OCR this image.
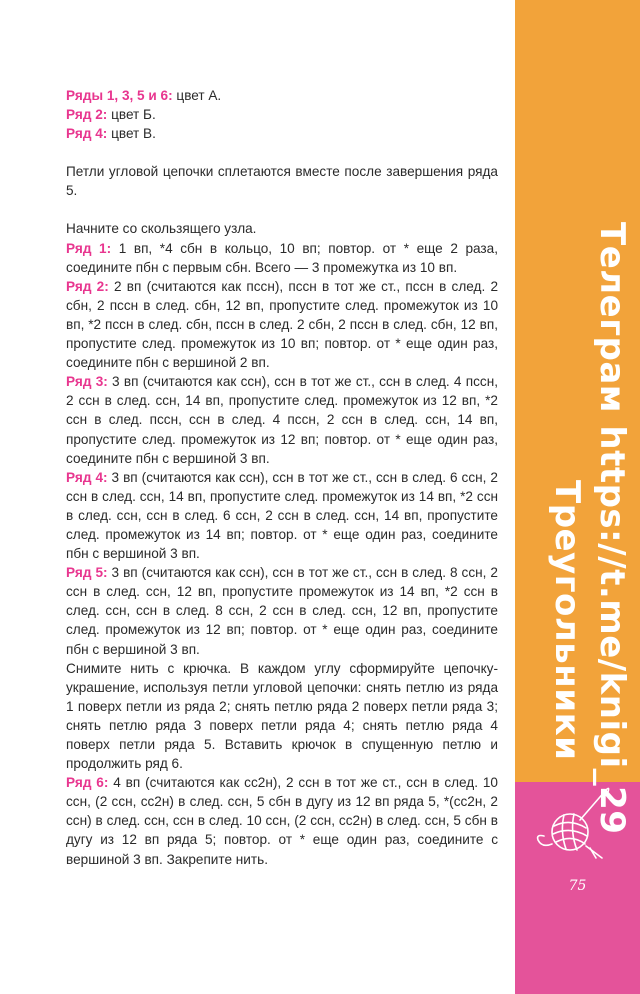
Ряды 1, 3, 5 и 6: цвет А.

Ряд 2: цвет Б.

Ряд 4: цвет В.

Петли угловой цепочки сплетаются вместе после завершения ряда 5.

Начните со скользящего узла.

Ряд 1: 1 вп, *4 сбн в кольцо, 10 вп; повтор. от * еще 2 раза, соедините пбн с первым сбн. Всего — 3 промежутка из 10 вп.

Ряд 2: 2 вп (считаются как пссн), пссн в тот же ст., пссн в след. 2 сбн, 2 пссн в след. сбн, 12 вп, пропустите след. промежуток из 10 вп, *2 пссн в след. сбн, пссн в след. 2 сбн, 2 пссн в след. сбн, 12 вп, пропустите след. промежуток из 10 вп; повтор. от * еще один раз, соедините пбн с вершиной 2 вп.

Ряд 3: 3 вп (считаются как ссн), ссн в тот же ст., ссн в след. 4 пссн, 2 ссн в след. ссн, 14 вп, пропустите след. промежуток из 12 вп, *2 ссн в след. пссн, ссн в след. 4 пссн, 2 ссн в след. ссн, 14 вп, пропустите след. промежуток из 12 вп; повтор. от * еще один раз, соедините пбн с вершиной 3 вп.

Ряд 4: 3 вп (считаются как ссн), ссн в тот же ст., ссн в след. 6 ссн, 2 ссн в след. ссн, 14 вп, пропустите след. промежуток из 14 вп, *2 ссн в след. ссн, ссн в след. 6 ссн, 2 ссн в след. ссн, 14 вп, пропустите след. промежуток из 14 вп; повтор. от * еще один раз, соедините пбн с вершиной 3 вп.

Ряд 5: 3 вп (считаются как ссн), ссн в тот же ст., ссн в след. 8 ссн, 2 ссн в след. ссн, 12 вп, пропустите промежуток из 14 вп, *2 ссн в след. ссн, ссн в след. 8 ссн, 2 ссн в след. ссн, 12 вп, пропустите след. промежуток из 12 вп; повтор. от * еще один раз, соедините пбн с вершиной 3 вп.

Снимите нить с крючка. В каждом углу сформируйте цепочку-украшение, используя петли угловой цепочки: снять петлю из ряда 1 поверх петли из ряда 2; снять петлю ряда 2 поверх петли ряда 3; снять петлю ряда 3 поверх петли ряда 4; снять петлю ряда 4 поверх петли ряда 5. Вставить крючок в спущенную петлю и продолжить ряд 6.

Ряд 6: 4 вп (считаются как сс2н), 2 ссн в тот же ст., ссн в след. 10 ссн, (2 ссн, сс2н) в след. ссн, 5 сбн в дугу из 12 вп ряда 5, *(сс2н, 2 ссн) в след. ссн, ссн в след. 10 ссн, (2 ссн, сс2н) в след. ссн, 5 сбн в дугу из 12 вп ряда 5; повтор. от * еще один раз, соедините с вершиной 3 вп. Закрепите нить.

Телеграм https://t.me/knigi_29
Треугольники
75
